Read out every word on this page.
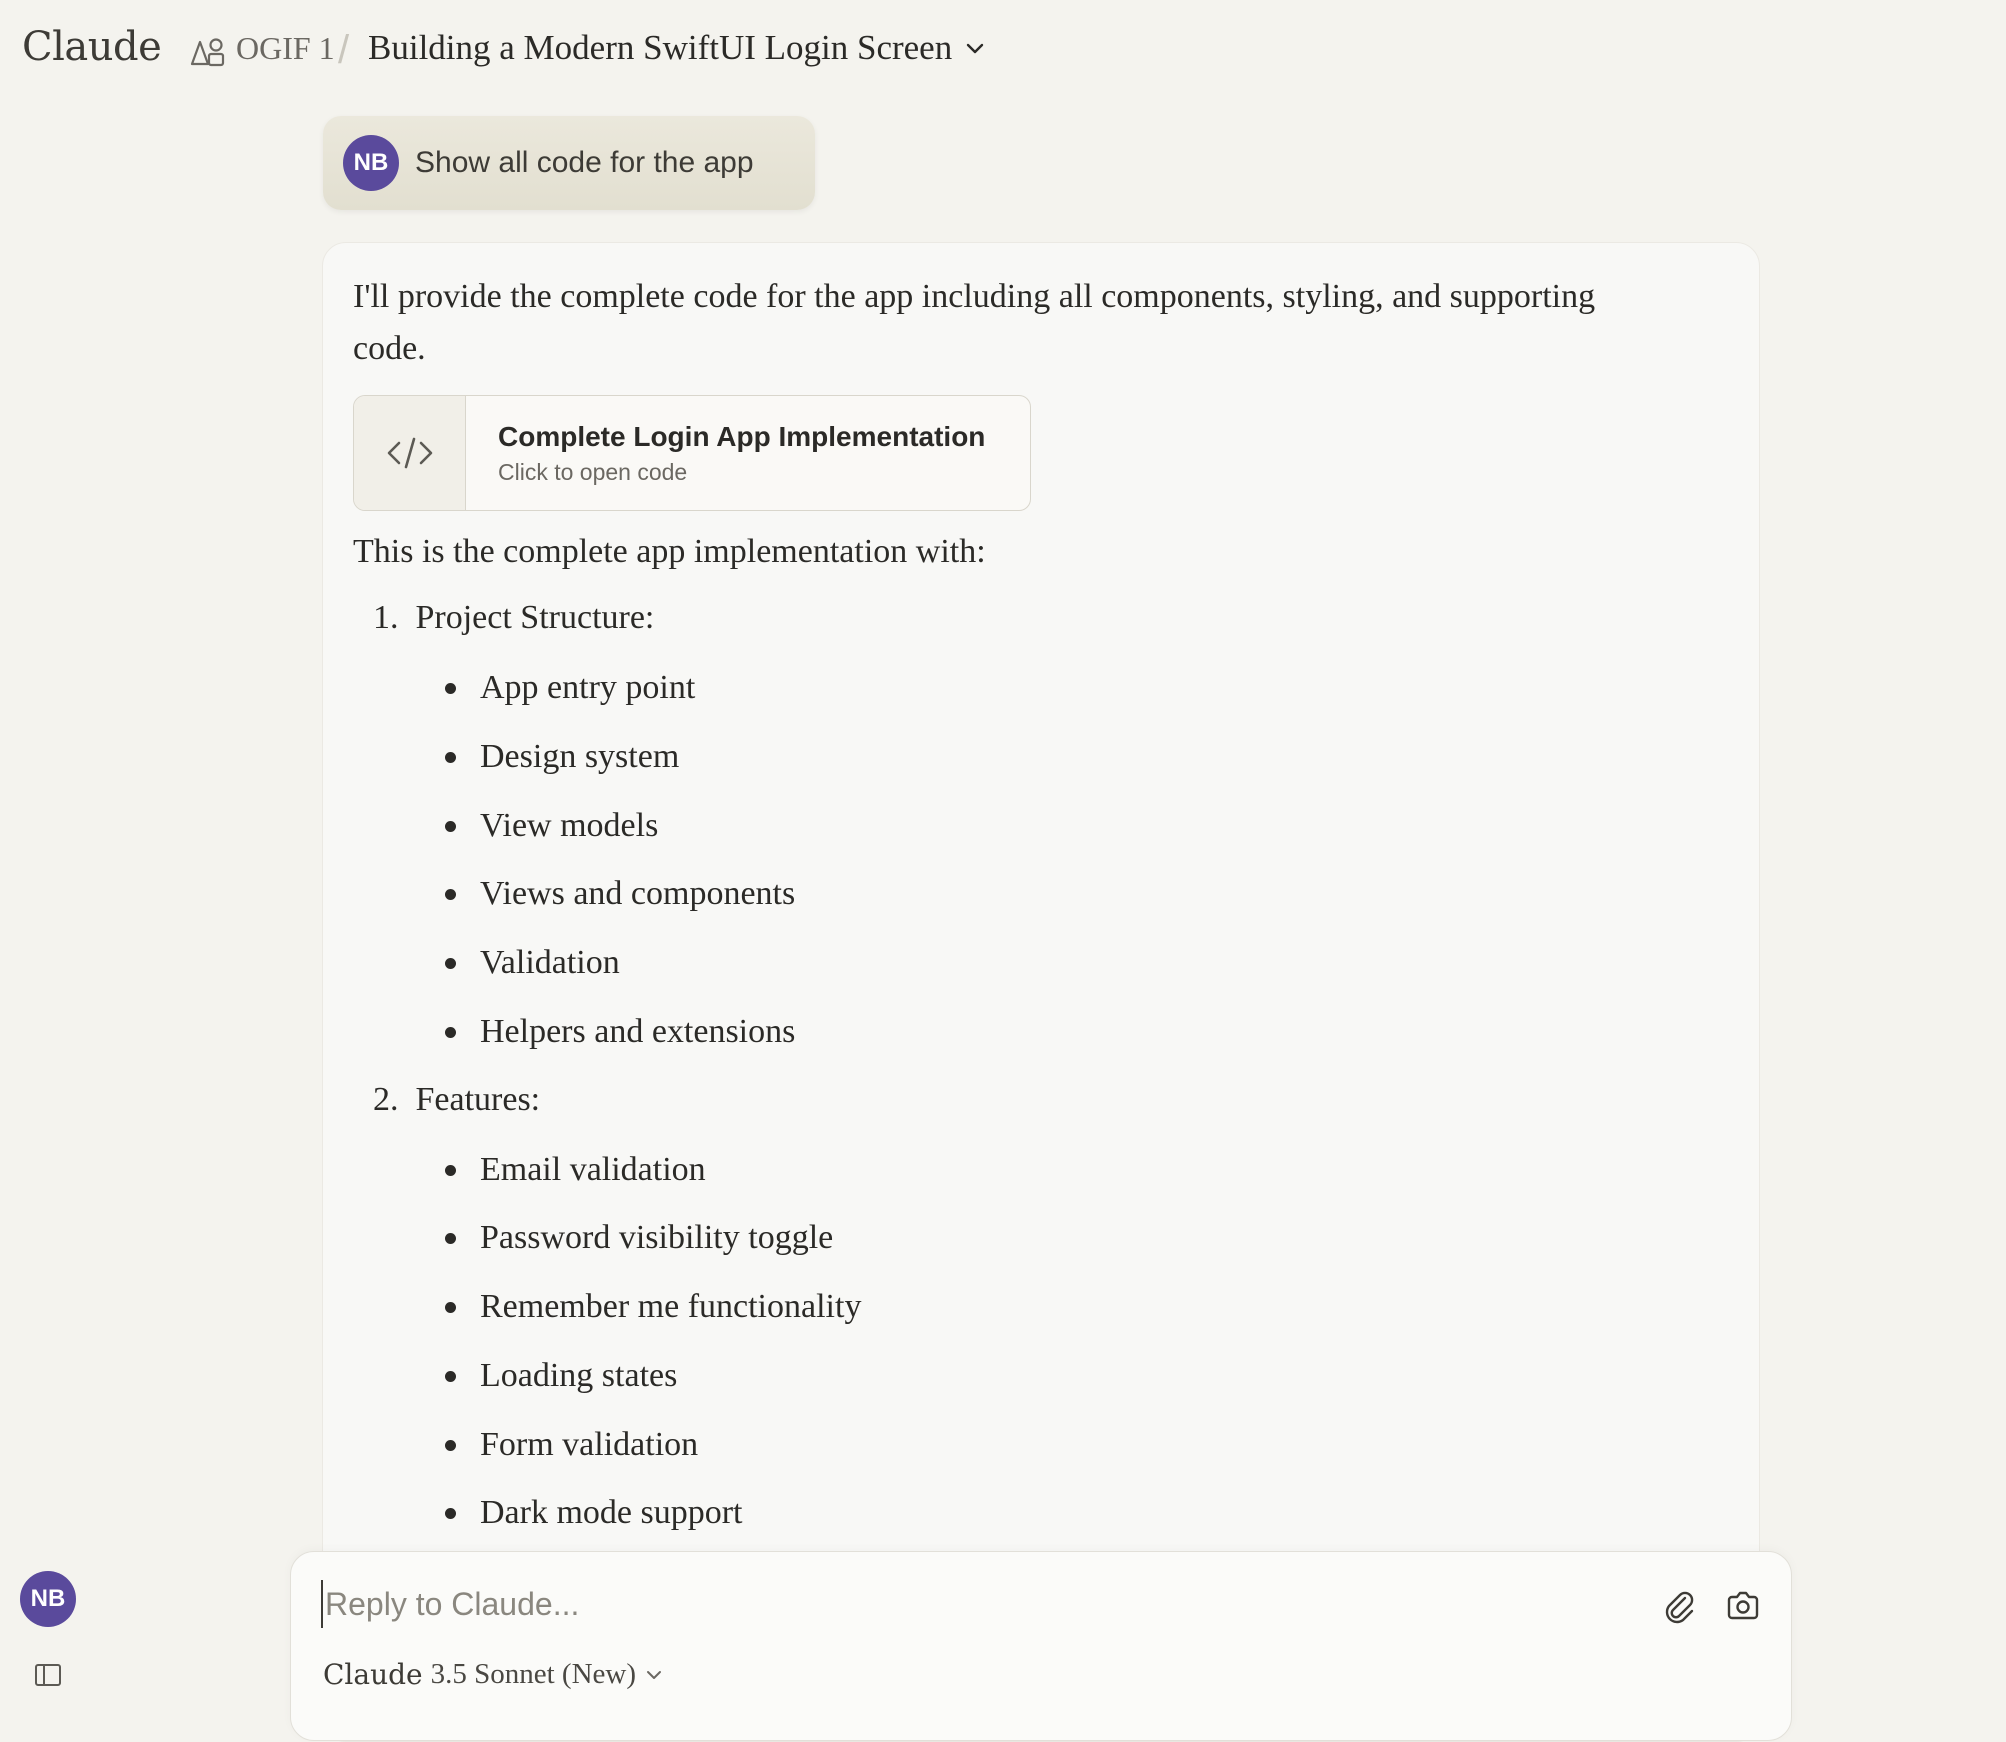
Claude OGIF 1 / Building a Modern SwiftUI Login Screen
NB Show all code for the app
I'll provide the complete code for the app including all components, styling, and supporting code.
Complete Login App Implementation
Click to open code
This is the complete app implementation with:
1. Project Structure:
App entry point
Design system
View models
Views and components
Validation
Helpers and extensions
2. Features:
Email validation
Password visibility toggle
Remember me functionality
Loading states
Form validation
Dark mode support
Reply to Claude...
Claude 3.5 Sonnet (New)
NB
